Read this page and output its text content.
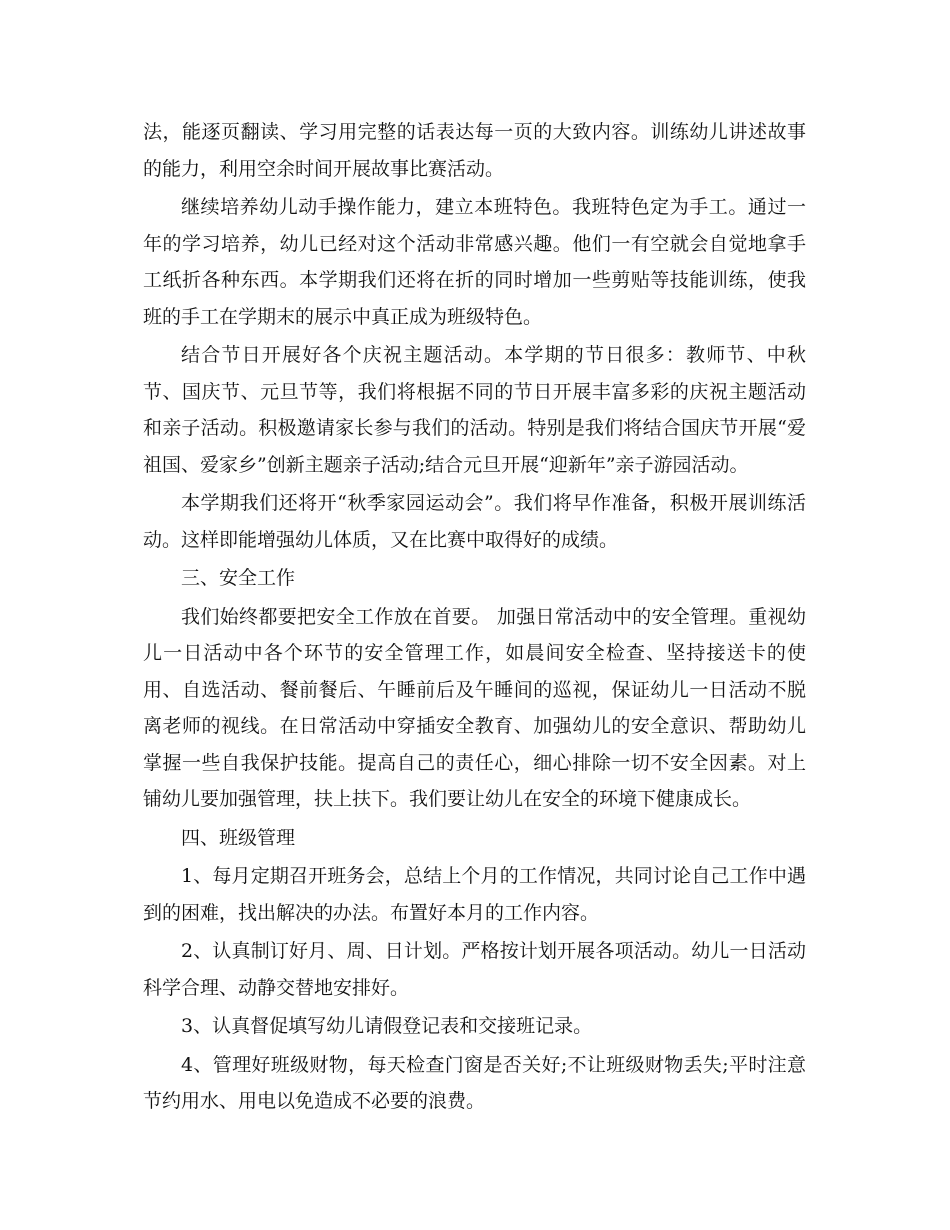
法，能逐页翻读、学习用完整的话表达每一页的大致内容。训练幼儿讲述故事的能力，利用空余时间开展故事比赛活动。

继续培养幼儿动手操作能力，建立本班特色。我班特色定为手工。通过一年的学习培养，幼儿已经对这个活动非常感兴趣。他们一有空就会自觉地拿手工纸折各种东西。本学期我们还将在折的同时增加一些剪贴等技能训练，使我班的手工在学期末的展示中真正成为班级特色。

结合节日开展好各个庆祝主题活动。本学期的节日很多：教师节、中秋节、国庆节、元旦节等，我们将根据不同的节日开展丰富多彩的庆祝主题活动和亲子活动。积极邀请家长参与我们的活动。特别是我们将结合国庆节开展“爱祖国、爱家乡”创新主题亲子活动;结合元旦开展“迎新年”亲子游园活动。

本学期我们还将开“秋季家园运动会”。我们将早作准备，积极开展训练活动。这样即能增强幼儿体质，又在比赛中取得好的成绩。

三、安全工作

我们始终都要把安全工作放在首要。 加强日常活动中的安全管理。重视幼儿一日活动中各个环节的安全管理工作，如晨间安全检查、坚持接送卡的使用、自选活动、餐前餐后、午睡前后及午睡间的巡视，保证幼儿一日活动不脱离老师的视线。在日常活动中穿插安全教育、加强幼儿的安全意识、帮助幼儿掌握一些自我保护技能。提高自己的责任心，细心排除一切不安全因素。对上铺幼儿要加强管理，扶上扶下。我们要让幼儿在安全的环境下健康成长。

四、班级管理

1、每月定期召开班务会，总结上个月的工作情况，共同讨论自己工作中遇到的困难，找出解决的办法。布置好本月的工作内容。

2、认真制订好月、周、日计划。严格按计划开展各项活动。幼儿一日活动科学合理、动静交替地安排好。

3、认真督促填写幼儿请假登记表和交接班记录。

4、管理好班级财物，每天检查门窗是否关好;不让班级财物丢失;平时注意节约用水、用电以免造成不必要的浪费。
